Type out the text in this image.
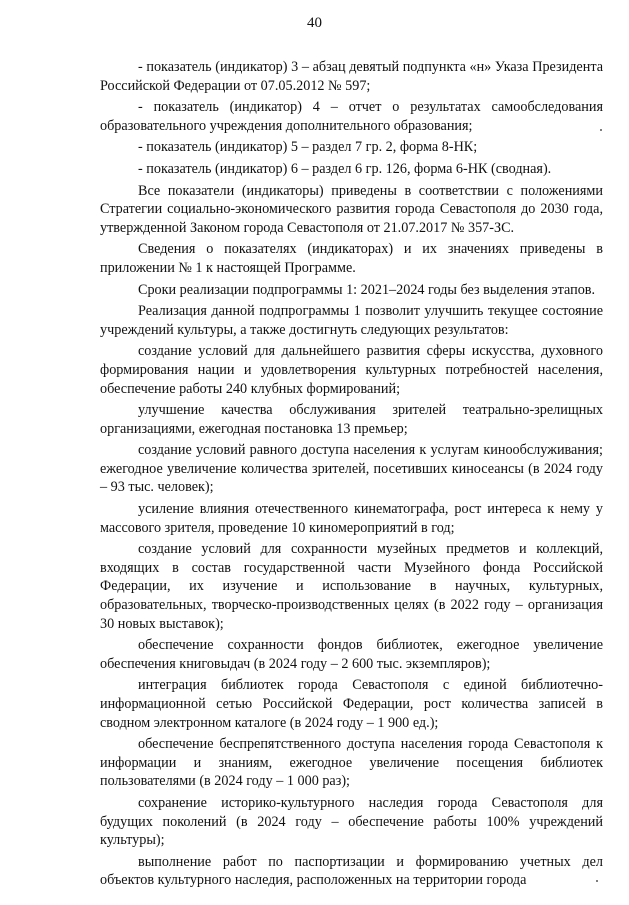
40

- показатель (индикатор) 3 – абзац девятый подпункта «н» Указа Президента Российской Федерации от 07.05.2012 № 597;

- показатель (индикатор) 4 – отчет о результатах самообследования образовательного учреждения дополнительного образования;

- показатель (индикатор) 5 – раздел 7 гр. 2, форма 8-НК;

- показатель (индикатор) 6 – раздел 6 гр. 126, форма 6-НК (сводная).

Все показатели (индикаторы) приведены в соответствии с положениями Стратегии социально-экономического развития города Севастополя до 2030 года, утвержденной Законом города Севастополя от 21.07.2017 № 357-ЗС.

Сведения о показателях (индикаторах) и их значениях приведены в приложении № 1 к настоящей Программе.

Сроки реализации подпрограммы 1: 2021–2024 годы без выделения этапов.

Реализация данной подпрограммы 1 позволит улучшить текущее состояние учреждений культуры, а также достигнуть следующих результатов:

создание условий для дальнейшего развития сферы искусства, духовного формирования нации и удовлетворения культурных потребностей населения, обеспечение работы 240 клубных формирований;

улучшение качества обслуживания зрителей театрально-зрелищных организациями, ежегодная постановка 13 премьер;

создание условий равного доступа населения к услугам кинообслуживания; ежегодное увеличение количества зрителей, посетивших киносеансы (в 2024 году – 93 тыс. человек);

усиление влияния отечественного кинематографа, рост интереса к нему у массового зрителя, проведение 10 киномероприятий в год;

создание условий для сохранности музейных предметов и коллекций, входящих в состав государственной части Музейного фонда Российской Федерации, их изучение и использование в научных, культурных, образовательных, творческо-производственных целях (в 2022 году – организация 30 новых выставок);

обеспечение сохранности фондов библиотек, ежегодное увеличение обеспечения книговыдач (в 2024 году – 2 600 тыс. экземпляров);

интеграция библиотек города Севастополя с единой библиотечно-информационной сетью Российской Федерации, рост количества записей в сводном электронном каталоге (в 2024 году – 1 900 ед.);

обеспечение беспрепятственного доступа населения города Севастополя к информации и знаниям, ежегодное увеличение посещения библиотек пользователями (в 2024 году – 1 000 раз);

сохранение историко-культурного наследия города Севастополя для будущих поколений (в 2024 году – обеспечение работы 100% учреждений культуры);

выполнение работ по паспортизации и формированию учетных дел объектов культурного наследия, расположенных на территории города
